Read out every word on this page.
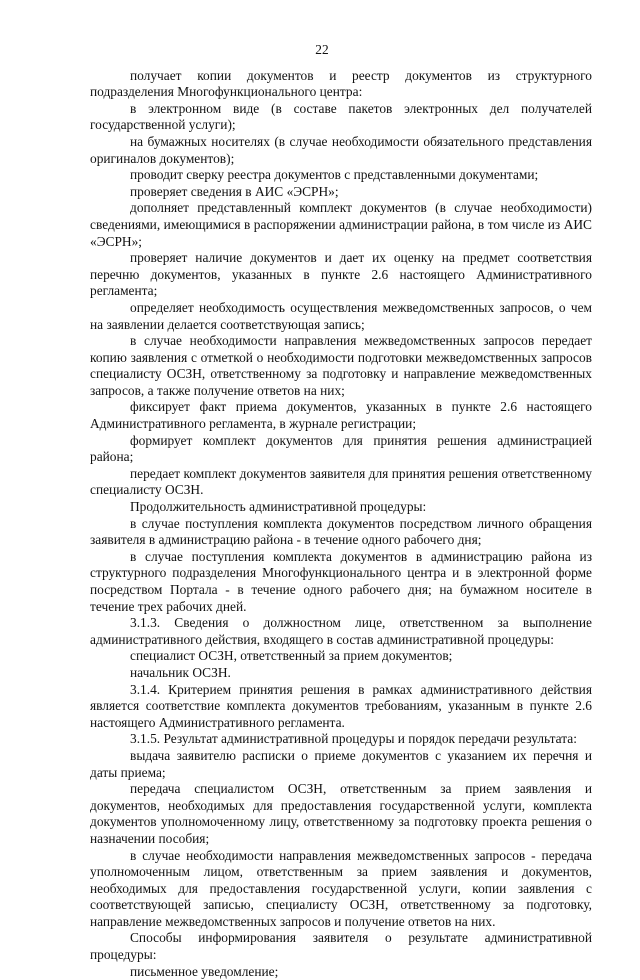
22

получает копии документов и реестр документов из структурного подразделения Многофункционального центра:

в электронном виде (в составе пакетов электронных дел получателей государственной услуги);

на бумажных носителях (в случае необходимости обязательного представления оригиналов документов);

проводит сверку реестра документов с представленными документами;

проверяет сведения в АИС «ЭСРН»;

дополняет представленный комплект документов (в случае необходимости) сведениями, имеющимися в распоряжении администрации района, в том числе из АИС «ЭСРН»;

проверяет наличие документов и дает их оценку на предмет соответствия перечню документов, указанных в пункте 2.6 настоящего Административного регламента;

определяет необходимость осуществления межведомственных запросов, о чем на заявлении делается соответствующая запись;

в случае необходимости направления межведомственных запросов передает копию заявления с отметкой о необходимости подготовки межведомственных запросов специалисту ОСЗН, ответственному за подготовку и направление межведомственных запросов, а также получение ответов на них;

фиксирует факт приема документов, указанных в пункте 2.6 настоящего Административного регламента, в журнале регистрации;

формирует комплект документов для принятия решения администрацией района;

передает комплект документов заявителя для принятия решения ответственному специалисту ОСЗН.

Продолжительность административной процедуры:

в случае поступления комплекта документов посредством личного обращения заявителя в администрацию района - в течение одного рабочего дня;

в случае поступления комплекта документов в администрацию района из структурного подразделения Многофункционального центра и в электронной форме посредством Портала - в течение одного рабочего дня; на бумажном носителе в течение трех рабочих дней.

3.1.3. Сведения о должностном лице, ответственном за выполнение административного действия, входящего в состав административной процедуры:

специалист ОСЗН, ответственный за прием документов;

начальник ОСЗН.

3.1.4. Критерием принятия решения в рамках административного действия является соответствие комплекта документов требованиям, указанным в пункте 2.6 настоящего Административного регламента.

3.1.5. Результат административной процедуры и порядок передачи результата:

выдача заявителю расписки о приеме документов с указанием их перечня и даты приема;

передача специалистом ОСЗН, ответственным за прием заявления и документов, необходимых для предоставления государственной услуги, комплекта документов уполномоченному лицу, ответственному за подготовку проекта решения о назначении пособия;

в случае необходимости направления межведомственных запросов - передача уполномоченным лицом, ответственным за прием заявления и документов, необходимых для предоставления государственной услуги, копии заявления с соответствующей записью, специалисту ОСЗН, ответственному за подготовку, направление межведомственных запросов и получение ответов на них.

Способы информирования заявителя о результате административной процедуры:

письменное уведомление;
